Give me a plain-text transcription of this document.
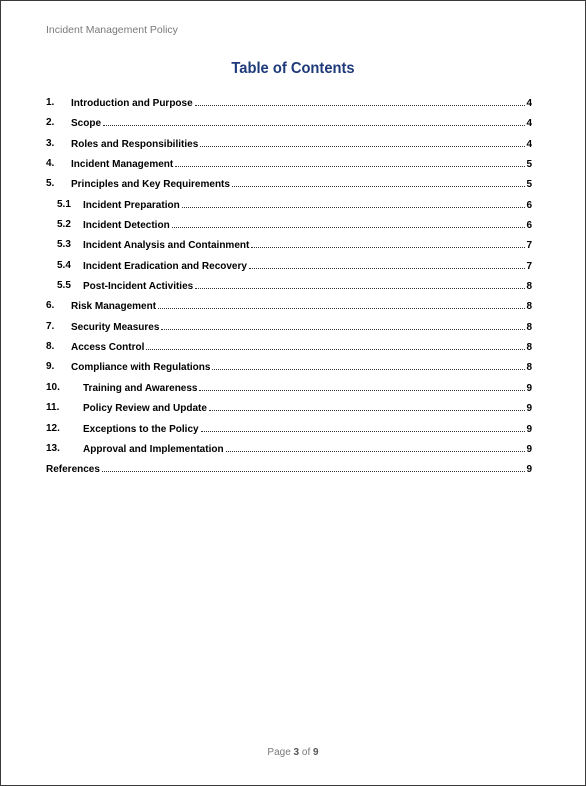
Incident Management Policy
Table of Contents
1. Introduction and Purpose	4
2. Scope	4
3. Roles and Responsibilities	4
4. Incident Management	5
5. Principles and Key Requirements	5
5.1 Incident Preparation	6
5.2 Incident Detection	6
5.3 Incident Analysis and Containment	7
5.4 Incident Eradication and Recovery	7
5.5 Post-Incident Activities	8
6. Risk Management	8
7. Security Measures	8
8. Access Control	8
9. Compliance with Regulations	8
10. Training and Awareness	9
11. Policy Review and Update	9
12. Exceptions to the Policy	9
13. Approval and Implementation	9
References	9
Page 3 of 9
